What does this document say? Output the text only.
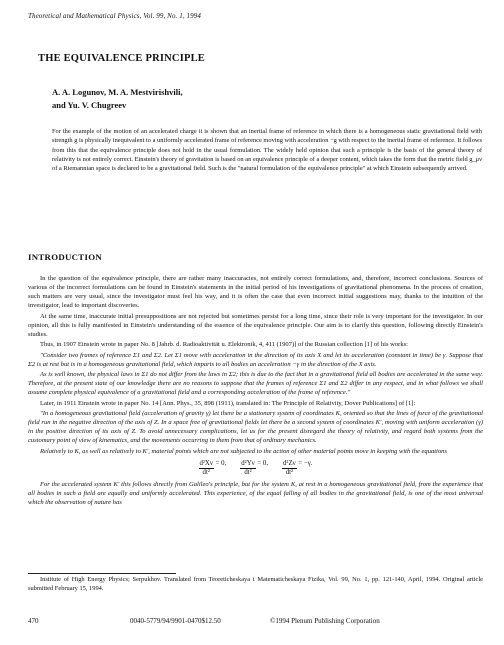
Theoretical and Mathematical Physics, Vol. 99, No. 1, 1994
THE EQUIVALENCE PRINCIPLE
A. A. Logunov, M. A. Mestvirishvili,
and Yu. V. Chugreev
For the example of the motion of an accelerated charge it is shown that an inertial frame of reference in which there is a homogeneous static gravitational field with strength g is physically inequivalent to a uniformly accelerated frame of reference moving with acceleration −g with respect to the inertial frame of reference. It follows from this that the equivalence principle does not hold in the usual formulation. The widely held opinion that such a principle is the basis of the general theory of relativity is not entirely correct. Einstein's theory of gravitation is based on an equivalence principle of a deeper content, which takes the form that the metric field g_μν of a Riemannian space is declared to be a gravitational field. Such is the "natural formulation of the equivalence principle" at which Einstein subsequently arrived.
INTRODUCTION

In the question of the equivalence principle, there are rather many inaccuracies, not entirely correct formulations, and, therefore, incorrect conclusions. Sources of various of the incorrect formulations can be found in Einstein's statements in the initial period of his investigations of gravitational phenomena. In the process of creation, such matters are very usual, since the investigator must feel his way, and it is often the case that even incorrect initial suggestions may, thanks to the intuition of the investigator, lead to important discoveries.

At the same time, inaccurate initial presuppositions are not rejected but sometimes persist for a long time, since their role is very important for the investigator. In our opinion, all this is fully manifested in Einstein's understanding of the essence of the equivalence principle. Our aim is to clarify this question, following directly Einstein's studies.

Thus, in 1907 Einstein wrote in paper No. 8 [Jahrb. d. Radioaktivität u. Elektronik, 4, 411 (1907)] of the Russian collection [1] of his works:

"Consider two frames of reference Σ1 and Σ2. Let Σ1 move with acceleration in the direction of its axis X and let its acceleration (constant in time) be γ. Suppose that Σ2 is at rest but is in a homogeneous gravitational field, which imparts to all bodies an acceleration −γ in the direction of the X axis.

As is well known, the physical laws in Σ1 do not differ from the laws in Σ2; this is due to the fact that in a gravitational field all bodies are accelerated in the same way. Therefore, at the present state of our knowledge there are no reasons to suppose that the frames of reference Σ1 and Σ2 differ in any respect, and in what follows we shall assume complete physical equivalence of a gravitational field and a corresponding acceleration of the frame of reference."

Later, in 1911 Einstein wrote in paper No. 14 [Ann. Phys., 35, 898 (1911), translated in: The Principle of Relativity, Dover Publications] of [1]:

"In a homogeneous gravitational field (acceleration of gravity γ) let there be a stationary system of coordinates K, oriented so that the lines of force of the gravitational field run in the negative direction of the axis of Z. In a space free of gravitational fields let there be a second system of coordinates K′, moving with uniform acceleration (γ) in the positive direction of its axis of Z. To avoid unnecessary complications, let us for the present disregard the theory of relativity, and regard both systems from the customary point of view of kinematics, and the movements occurring in them from that of ordinary mechanics.

Relatively to K, as well as relatively to K′, material points which are not subjected to the action of other material points move in keeping with the equations

$\frac{\text{d²Xν}}{\text{dt²}} = 0$, $\frac{\text{d²Yν}}{\text{dt²}} = 0$, $\frac{\text{d²Zν}}{\text{dt²}} = -\gamma$.

For the accelerated system K′ this follows directly from Galileo's principle, but for the system K, at rest in a homogeneous gravitational field, from the experience that all bodies in such a field are equally and uniformly accelerated. This experience, of the equal falling of all bodies in the gravitational field, is one of the most universal which the observation of nature has

Institute of High Energy Physics; Serpukhov. Translated from Teoreticheskaya i Matematicheskaya Fizika, Vol. 99, No. 1, pp. 121-140, April, 1994. Original article submitted February 15, 1994.
470	0040-5779/94/9901-0470$12.50	©1994 Plenum Publishing Corporation
